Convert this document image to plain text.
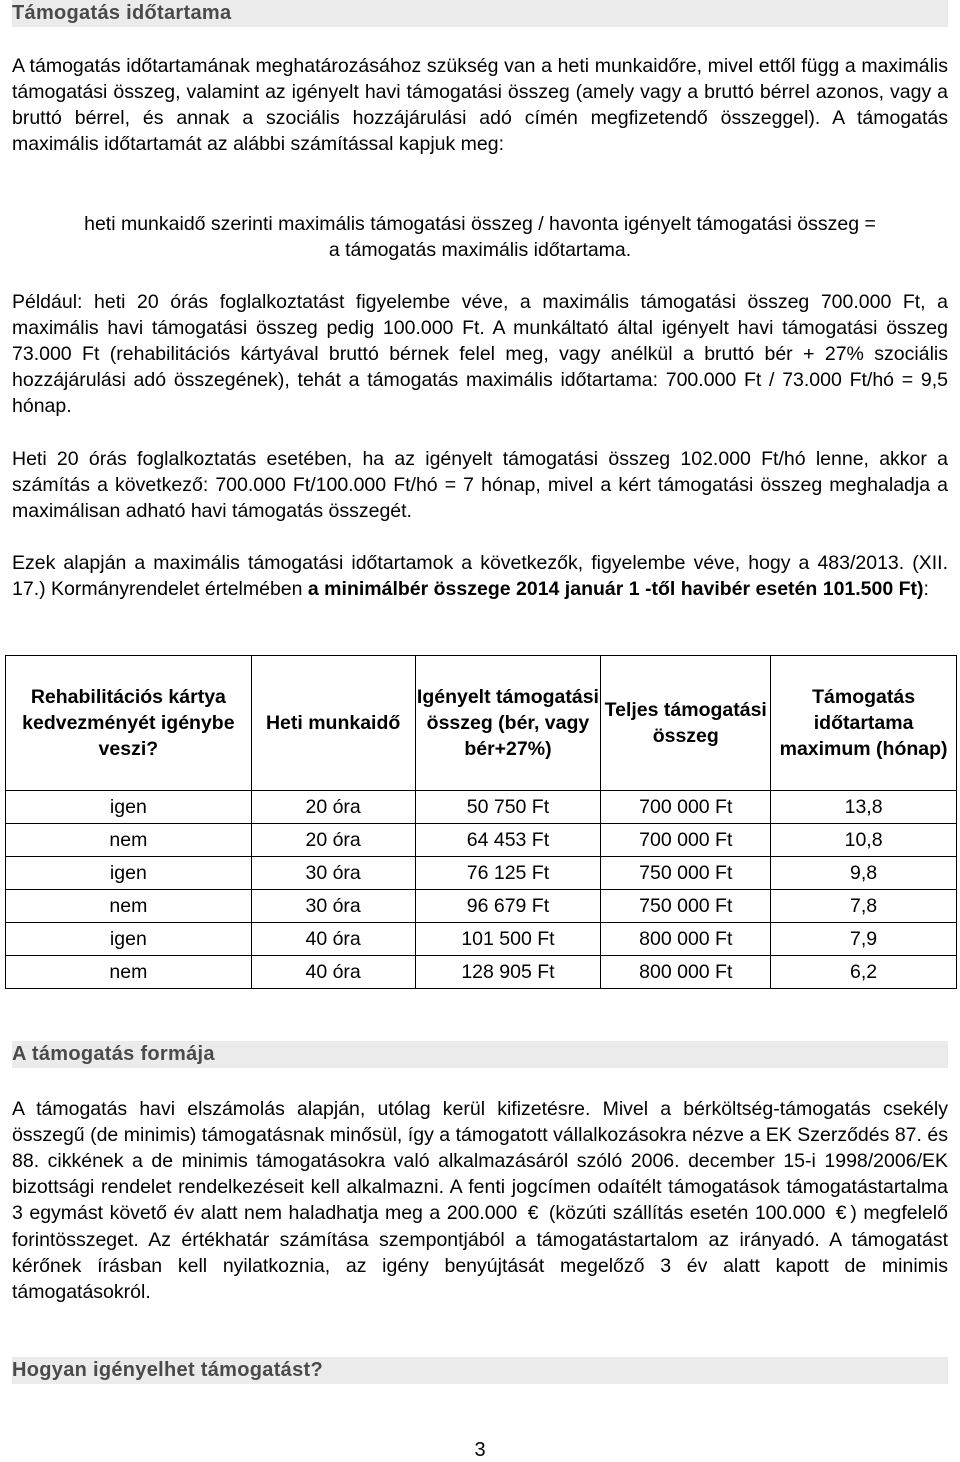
Támogatás időtartama

A támogatás időtartamának meghatározásához szükség van a heti munkaidőre, mivel ettől függ a maximális támogatási összeg, valamint az igényelt havi támogatási összeg (amely vagy a bruttó bérrel azonos, vagy a bruttó bérrel, és annak a szociális hozzájárulási adó címén megfizetendő összeggel). A támogatás maximális időtartamát az alábbi számítással kapjuk meg:

heti munkaidő szerinti maximális támogatási összeg / havonta igényelt támogatási összeg =
a támogatás maximális időtartama.

Például: heti 20 órás foglalkoztatást figyelembe véve, a maximális támogatási összeg 700.000 Ft, a maximális havi támogatási összeg pedig 100.000 Ft. A munkáltató által igényelt havi támogatási összeg 73.000 Ft (rehabilitációs kártyával bruttó bérnek felel meg, vagy anélkül a bruttó bér + 27% szociális hozzájárulási adó összegének), tehát a támogatás maximális időtartama: 700.000 Ft / 73.000 Ft/hó = 9,5 hónap.

Heti 20 órás foglalkoztatás esetében, ha az igényelt támogatási összeg 102.000 Ft/hó lenne, akkor a számítás a következő: 700.000 Ft/100.000 Ft/hó = 7 hónap, mivel a kért támogatási összeg meghaladja a maximálisan adható havi támogatás összegét.

Ezek alapján a maximális támogatási időtartamok a következők, figyelembe véve, hogy a 483/2013. (XII. 17.) Kormányrendelet értelmében a minimálbér összege 2014 január 1 -től havibér esetén 101.500 Ft):

Rehabilitációs kártya kedvezményét igénybe veszi?	Heti munkaidő	Igényelt támogatási összeg (bér, vagy bér+27%)	Teljes támogatási összeg	Támogatás időtartama maximum (hónap)
igen	20 óra	50 750 Ft	700 000 Ft	13,8
nem	20 óra	64 453 Ft	700 000 Ft	10,8
igen	30 óra	76 125 Ft	750 000 Ft	9,8
nem	30 óra	96 679 Ft	750 000 Ft	7,8
igen	40 óra	101 500 Ft	800 000 Ft	7,9
nem	40 óra	128 905 Ft	800 000 Ft	6,2
A támogatás formája

A támogatás havi elszámolás alapján, utólag kerül kifizetésre. Mivel a bérköltség-támogatás csekély összegű (de minimis) támogatásnak minősül, így a támogatott vállalkozásokra nézve a EK Szerződés 87. és 88. cikkének a de minimis támogatásokra való alkalmazásáról szóló 2006. december 15-i 1998/2006/EK bizottsági rendelet rendelkezéseit kell alkalmazni. A fenti jogcímen odaítélt támogatások támogatástartalma 3 egymást követő év alatt nem haladhatja meg a 200.000 € (közúti szállítás esetén 100.000 € ) megfelelő forintösszeget. Az értékhatár számítása szempontjából a támogatástartalom az irányadó. A támogatást kérőnek írásban kell nyilatkoznia, az igény benyújtását megelőző 3 év alatt kapott de minimis támogatásokról.

Hogyan igényelhet támogatást?
3
